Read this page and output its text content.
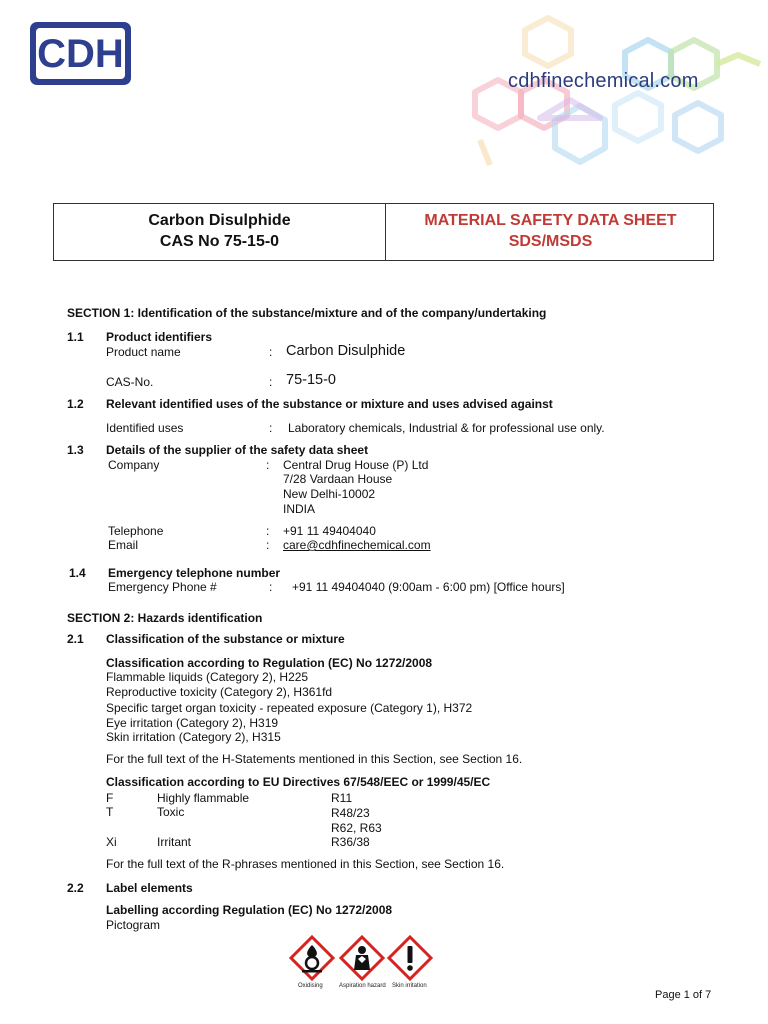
CDH
cdhfinechemical.com
Carbon Disulphide
CAS No 75-15-0
MATERIAL SAFETY DATA SHEET
SDS/MSDS
SECTION 1: Identification of the substance/mixture and of the company/undertaking
1.1 Product identifiers
Product name	: Carbon Disulphide
CAS-No.	: 75-15-0
1.2 Relevant identified uses of the substance or mixture and uses advised against
Identified uses	: Laboratory chemicals, Industrial & for professional use only.
1.3 Details of the supplier of the safety data sheet
Company	: Central Drug House (P) Ltd
7/28 Vardaan House
New Delhi-10002
INDIA
Telephone	: +91 11 49404040
Email	: care@cdhfinechemical.com
1.4 Emergency telephone number
Emergency Phone #	: +91 11 49404040 (9:00am - 6:00 pm) [Office hours]
SECTION 2: Hazards identification
2.1 Classification of the substance or mixture
Classification according to Regulation (EC) No 1272/2008
Flammable liquids (Category 2), H225
Reproductive toxicity (Category 2), H361fd
Specific target organ toxicity - repeated exposure (Category 1), H372
Eye irritation (Category 2), H319
Skin irritation (Category 2), H315
For the full text of the H-Statements mentioned in this Section, see Section 16.
Classification according to EU Directives 67/548/EEC or 1999/45/EC
F	Highly flammable	R11
T	Toxic	R48/23
R62, R63
Xi	Irritant	R36/38
For the full text of the R-phrases mentioned in this Section, see Section 16.
2.2 Label elements
Labelling according Regulation (EC) No 1272/2008
Pictogram
Oxidising	Aspiration hazard Skin irritation
Page 1 of 7
